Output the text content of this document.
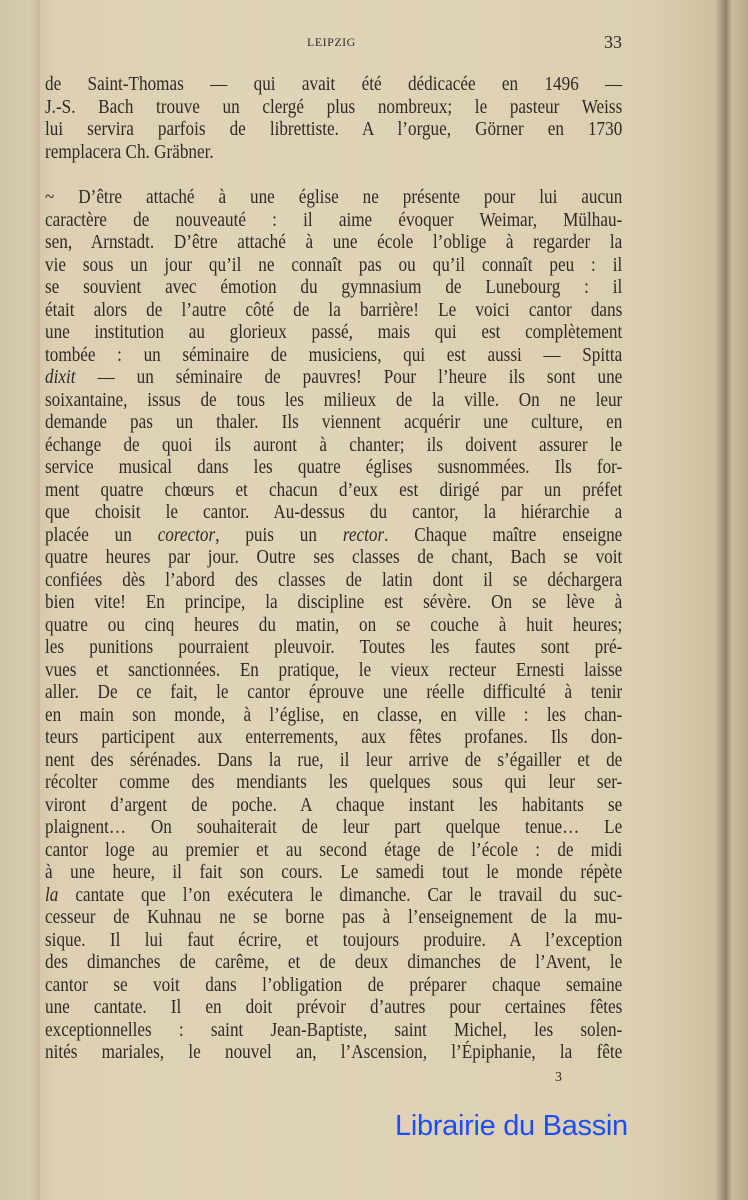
LEIPZIG	33
de Saint-Thomas — qui avait été dédicacée en 1496 —
J.-S. Bach trouve un clergé plus nombreux; le pasteur Weiss
lui servira parfois de librettiste. A l’orgue, Görner en 1730
remplacera Ch. Gräbner.
~ D’être attaché à une église ne présente pour lui aucun
caractère de nouveauté : il aime évoquer Weimar, Mülhau-
sen, Arnstadt. D’être attaché à une école l’oblige à regarder la
vie sous un jour qu’il ne connaît pas ou qu’il connaît peu : il
se souvient avec émotion du gymnasium de Lunebourg : il
était alors de l’autre côté de la barrière! Le voici cantor dans
une institution au glorieux passé, mais qui est complètement
tombée : un séminaire de musiciens, qui est aussi — Spitta
dixit — un séminaire de pauvres! Pour l’heure ils sont une
soixantaine, issus de tous les milieux de la ville. On ne leur
demande pas un thaler. Ils viennent acquérir une culture, en
échange de quoi ils auront à chanter; ils doivent assurer le
service musical dans les quatre églises susnommées. Ils for-
ment quatre chœurs et chacun d’eux est dirigé par un préfet
que choisit le cantor. Au-dessus du cantor, la hiérarchie a
placée un corector, puis un rector. Chaque maître enseigne
quatre heures par jour. Outre ses classes de chant, Bach se voit
confiées dès l’abord des classes de latin dont il se déchargera
bien vite! En principe, la discipline est sévère. On se lève à
quatre ou cinq heures du matin, on se couche à huit heures;
les punitions pourraient pleuvoir. Toutes les fautes sont pré-
vues et sanctionnées. En pratique, le vieux recteur Ernesti laisse
aller. De ce fait, le cantor éprouve une réelle difficulté à tenir
en main son monde, à l’église, en classe, en ville : les chan-
teurs participent aux enterrements, aux fêtes profanes. Ils don-
nent des sérénades. Dans la rue, il leur arrive de s’égailler et de
récolter comme des mendiants les quelques sous qui leur ser-
viront d’argent de poche. A chaque instant les habitants se
plaignent… On souhaiterait de leur part quelque tenue… Le
cantor loge au premier et au second étage de l’école : de midi
à une heure, il fait son cours. Le samedi tout le monde répète
la cantate que l’on exécutera le dimanche. Car le travail du suc-
cesseur de Kuhnau ne se borne pas à l’enseignement de la mu-
sique. Il lui faut écrire, et toujours produire. A l’exception
des dimanches de carême, et de deux dimanches de l’Avent, le
cantor se voit dans l’obligation de préparer chaque semaine
une cantate. Il en doit prévoir d’autres pour certaines fêtes
exceptionnelles : saint Jean-Baptiste, saint Michel, les solen-
nités mariales, le nouvel an, l’Ascension, l’Épiphanie, la fête
3
Librairie du Bassin
